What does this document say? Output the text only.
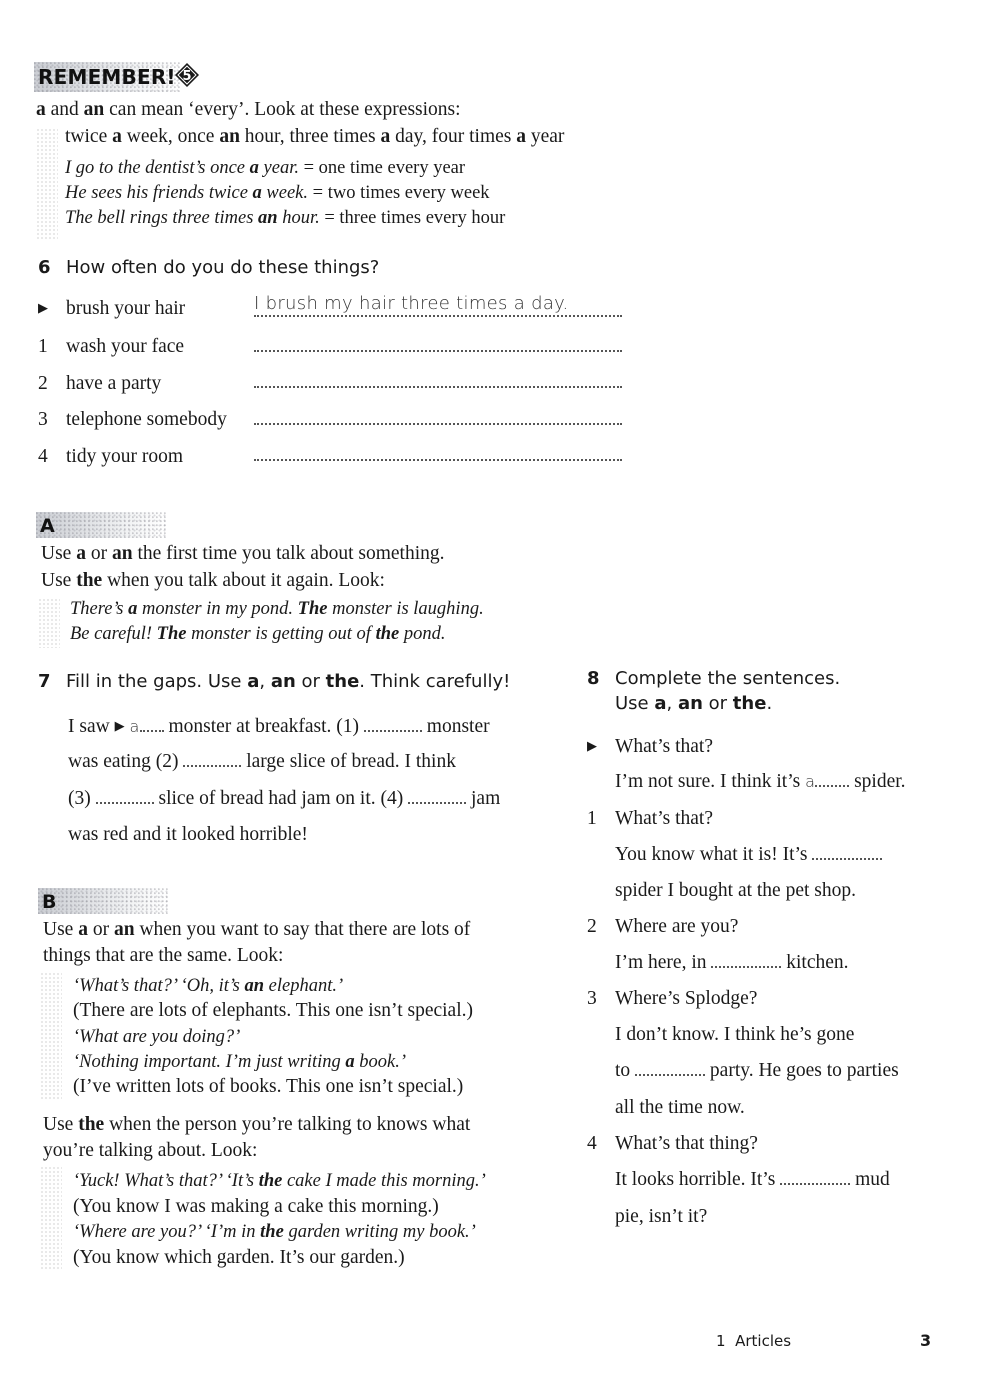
REMEMBER! 5
a and an can mean ‘every’. Look at these expressions:
twice a week, once an hour, three times a day, four times a year
I go to the dentist’s once a year. = one time every year
He sees his friends twice a week. = two times every week
The bell rings three times an hour. = three times every hour
6 How often do you do these things?
▶ brush your hair	I brush my hair three times a day.
1 wash your face
2 have a party
3 telephone somebody
4 tidy your room
A
Use a or an the first time you talk about something.
Use the when you talk about it again. Look:
There’s a monster in my pond. The monster is laughing.
Be careful! The monster is getting out of the pond.
7 Fill in the gaps. Use a, an or the. Think carefully!
I saw ▶ a monster at breakfast. (1)	monster
was eating (2)	large slice of bread. I think
(3)	slice of bread had jam on it. (4)	jam
was red and it looked horrible!
B
Use a or an when you want to say that there are lots of
things that are the same. Look:
‘What’s that?’ ‘Oh, it’s an elephant.’
(There are lots of elephants. This one isn’t special.)
‘What are you doing?’
‘Nothing important. I’m just writing a book.’
(I’ve written lots of books. This one isn’t special.)
Use the when the person you’re talking to knows what
you’re talking about. Look:
‘Yuck! What’s that?’ ‘It’s the cake I made this morning.’
(You know I was making a cake this morning.)
‘Where are you?’ ‘I’m in the garden writing my book.’
(You know which garden. It’s our garden.)
8 Complete the sentences.
Use a, an or the.
▶ What’s that?
I’m not sure. I think it’s a spider.
1 What’s that?
You know what it is! It’s
spider I bought at the pet shop.
2 Where are you?
I’m here, in	kitchen.
3 Where’s Splodge?
I don’t know. I think he’s gone
to	party. He goes to parties
all the time now.
4 What’s that thing?
It looks horrible. It’s	mud
pie, isn’t it?
1 Articles	3
